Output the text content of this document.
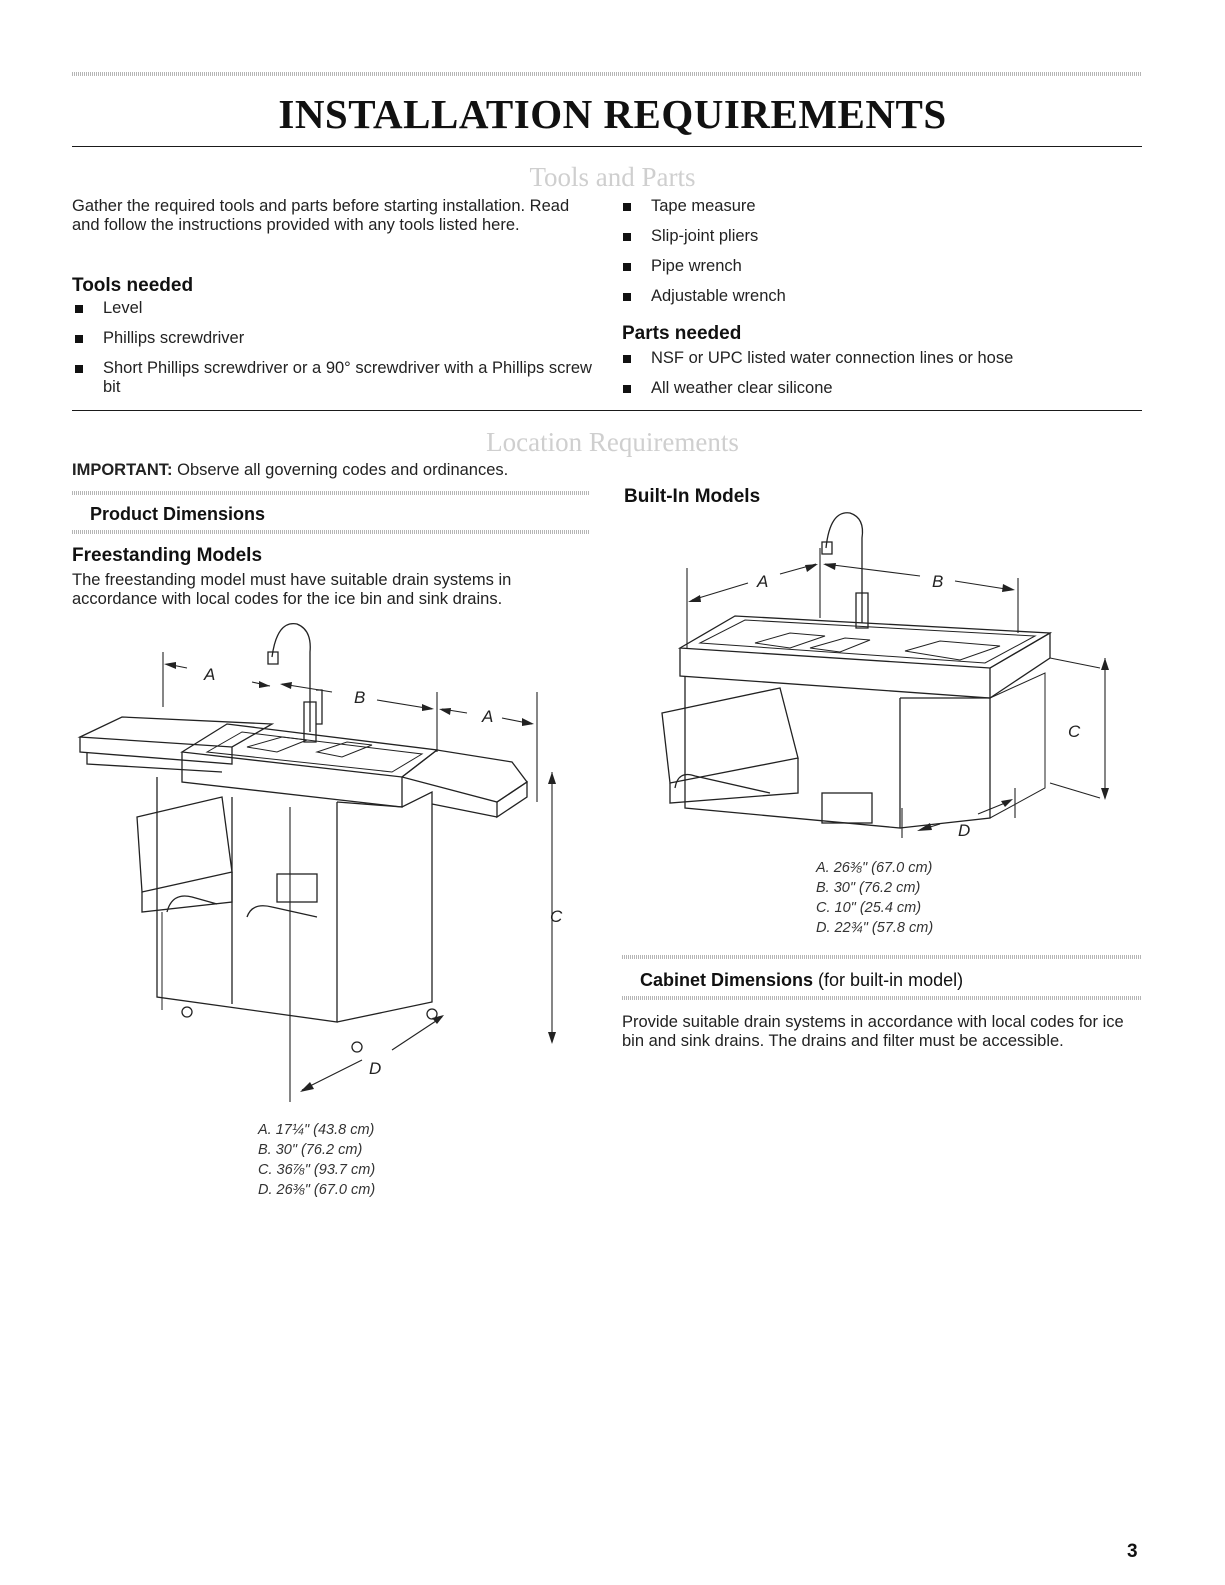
INSTALLATION REQUIREMENTS
Tools and Parts
Gather the required tools and parts before starting installation. Read and follow the instructions provided with any tools listed here.
Tools needed
Level
Phillips screwdriver
Short Phillips screwdriver or a 90° screwdriver with a Phillips screw bit
Tape measure
Slip-joint pliers
Pipe wrench
Adjustable wrench
Parts needed
NSF or UPC listed water connection lines or hose
All weather clear silicone
Location Requirements
IMPORTANT: Observe all governing codes and ordinances.
Product Dimensions
Freestanding Models
The freestanding model must have suitable drain systems in accordance with local codes for the ice bin and sink drains.
A
B
A
C
D
A. 17¼" (43.8 cm)
B. 30" (76.2 cm)
C. 36⅞" (93.7 cm)
D. 26⅜" (67.0 cm)
Built-In Models
A	B
C
D
A. 26⅜" (67.0 cm)
B. 30" (76.2 cm)
C. 10" (25.4 cm)
D. 22¾" (57.8 cm)
Cabinet Dimensions (for built-in model)
Provide suitable drain systems in accordance with local codes for ice bin and sink drains. The drains and filter must be accessible.
3
